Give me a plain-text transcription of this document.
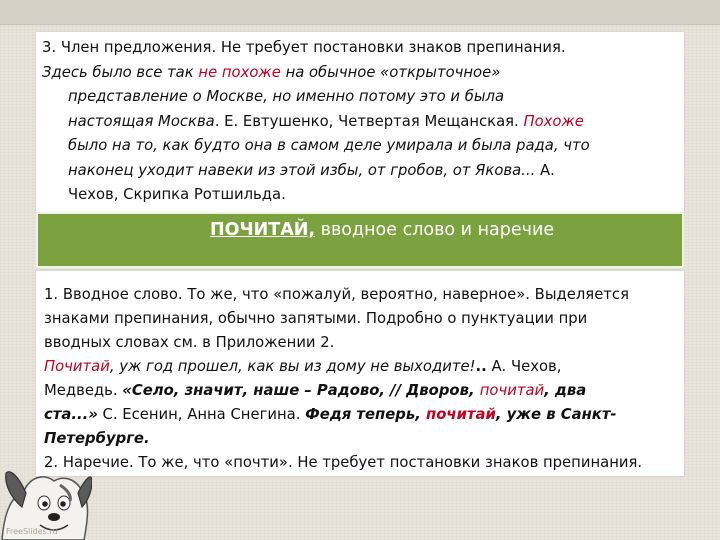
3. Член предложения. Не требует постановки знаков препинания.
Здесь было все так не похоже на обычное «открыточное»
представление о Москве, но именно потому это и была
настоящая Москва. Е. Евтушенко, Четвертая Мещанская. Похоже
было на то, как будто она в самом деле умирала и была рада, что
наконец уходит навеки из этой избы, от гробов, от Якова... А.
Чехов, Скрипка Ротшильда.
ПОЧИТАЙ, вводное слово и наречие
1. Вводное слово. То же, что «пожалуй, вероятно, наверное». Выделяется
знаками препинания, обычно запятыми. Подробно о пунктуации при
вводных словах см. в Приложении 2.
Почитай, уж год прошел, как вы из дому не выходите!.. А. Чехов,
Медведь. «Село, значит, наше – Радово, // Дворов, почитай, два
ста...» С. Есенин, Анна Снегина. Федя теперь, почитай, уже в Санкт-
Петербурге.
2. Наречие. То же, что «почти». Не требует постановки знаков препинания.
FreeSlides.ru
